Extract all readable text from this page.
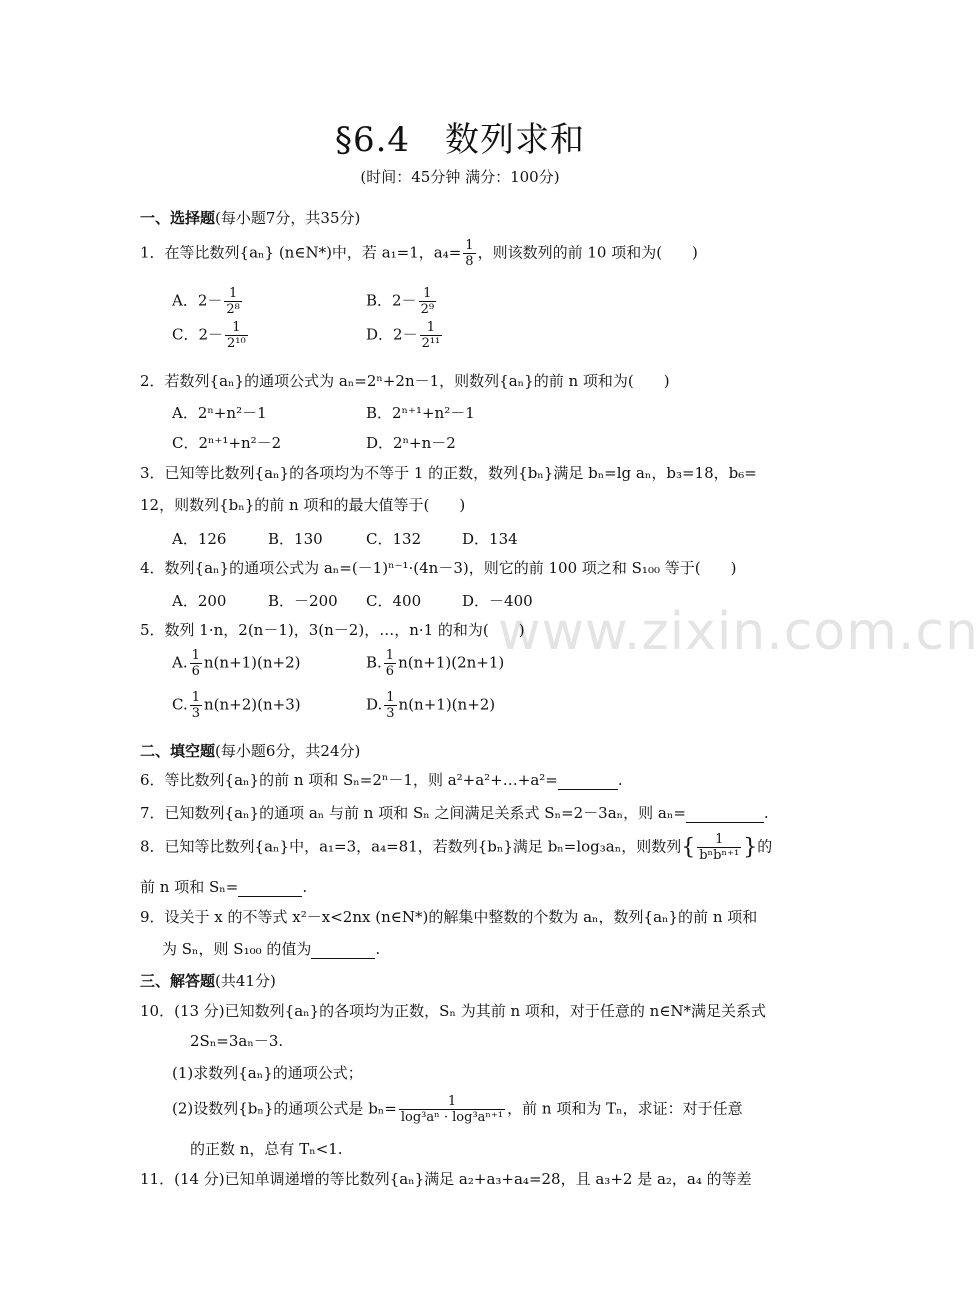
www.zixin.com.cn
§6.4　数列求和
(时间：45分钟 满分：100分)
一、选择题(每小题7分，共35分)
1．在等比数列{aₙ} (n∈N*)中，若 a₁=1，$a_4= \frac{1}{8}$ ，则该数列的前 10 项和为(　　)
A．$2- \frac{1}{\text{2⁸}}$	B．$2- \frac{1}{\text{2⁹}}$
C．$2- \frac{1}{\text{2¹⁰}}$	D．$2- \frac{1}{\text{2¹¹}}$
2．若数列{aₙ}的通项公式为 aₙ=2ⁿ+2n－1，则数列{aₙ}的前 n 项和为(　　)
A．2ⁿ+n²－1	B．2ⁿ⁺¹+n²－1
C．2ⁿ⁺¹+n²－2	D．2ⁿ+n－2
3．已知等比数列{aₙ}的各项均为不等于 1 的正数，数列{bₙ}满足 bₙ=lg aₙ，b₃=18，b₆=
12，则数列{bₙ}的前 n 项和的最大值等于(　　)
A．126	B．130	C．132	D．134
4．数列{aₙ}的通项公式为 aₙ=(－1)ⁿ⁻¹·(4n－3)，则它的前 100 项之和 S₁₀₀ 等于(　　)
A．200	B．－200 C．400	D．－400
5．数列 1·n，2(n－1)，3(n－2)，…，n·1 的和为(　　)
A. $\frac{1}{6} n(n+1)(n+2)$	B. $\frac{1}{6} n(n+1)(2n+1)$
C. $\frac{1}{3} n(n+2)(n+3)$	D. $\frac{1}{3} n(n+1)(n+2)$
二、填空题(每小题6分，共24分)
6．等比数列{aₙ}的前 n 项和 Sₙ=2ⁿ－1，则 a²+a²+…+a²=	.
7．已知数列{aₙ}的通项 aₙ 与前 n 项和 Sₙ 之间满足关系式 Sₙ=2－3aₙ，则 aₙ=	.
8．已知等比数列{aₙ}中，a₁=3，a₄=81，若数列{bₙ}满足 bₙ=log₃aₙ，则数列{ $\frac{1}{\text{bⁿbⁿ⁺¹}}$ }的
前 n 项和 Sₙ=	.
9．设关于 x 的不等式 x²－x<2nx (n∈N*)的解集中整数的个数为 aₙ，数列{aₙ}的前 n 项和
为 Sₙ，则 S₁₀₀ 的值为	.
三、解答题(共41分)
10．(13 分)已知数列{aₙ}的各项均为正数，Sₙ 为其前 n 项和，对于任意的 n∈N*满足关系式
2Sₙ=3aₙ－3.
(1)求数列{aₙ}的通项公式；
(2)设数列{bₙ}的通项公式是 $b_n= \frac{1}{\text{log³aⁿ · log³aⁿ⁺¹}}$ ，前 n 项和为 Tₙ，求证：对于任意
的正数 n，总有 Tₙ<1.
11．(14 分)已知单调递增的等比数列{aₙ}满足 a₂+a₃+a₄=28，且 a₃+2 是 a₂，a₄ 的等差
